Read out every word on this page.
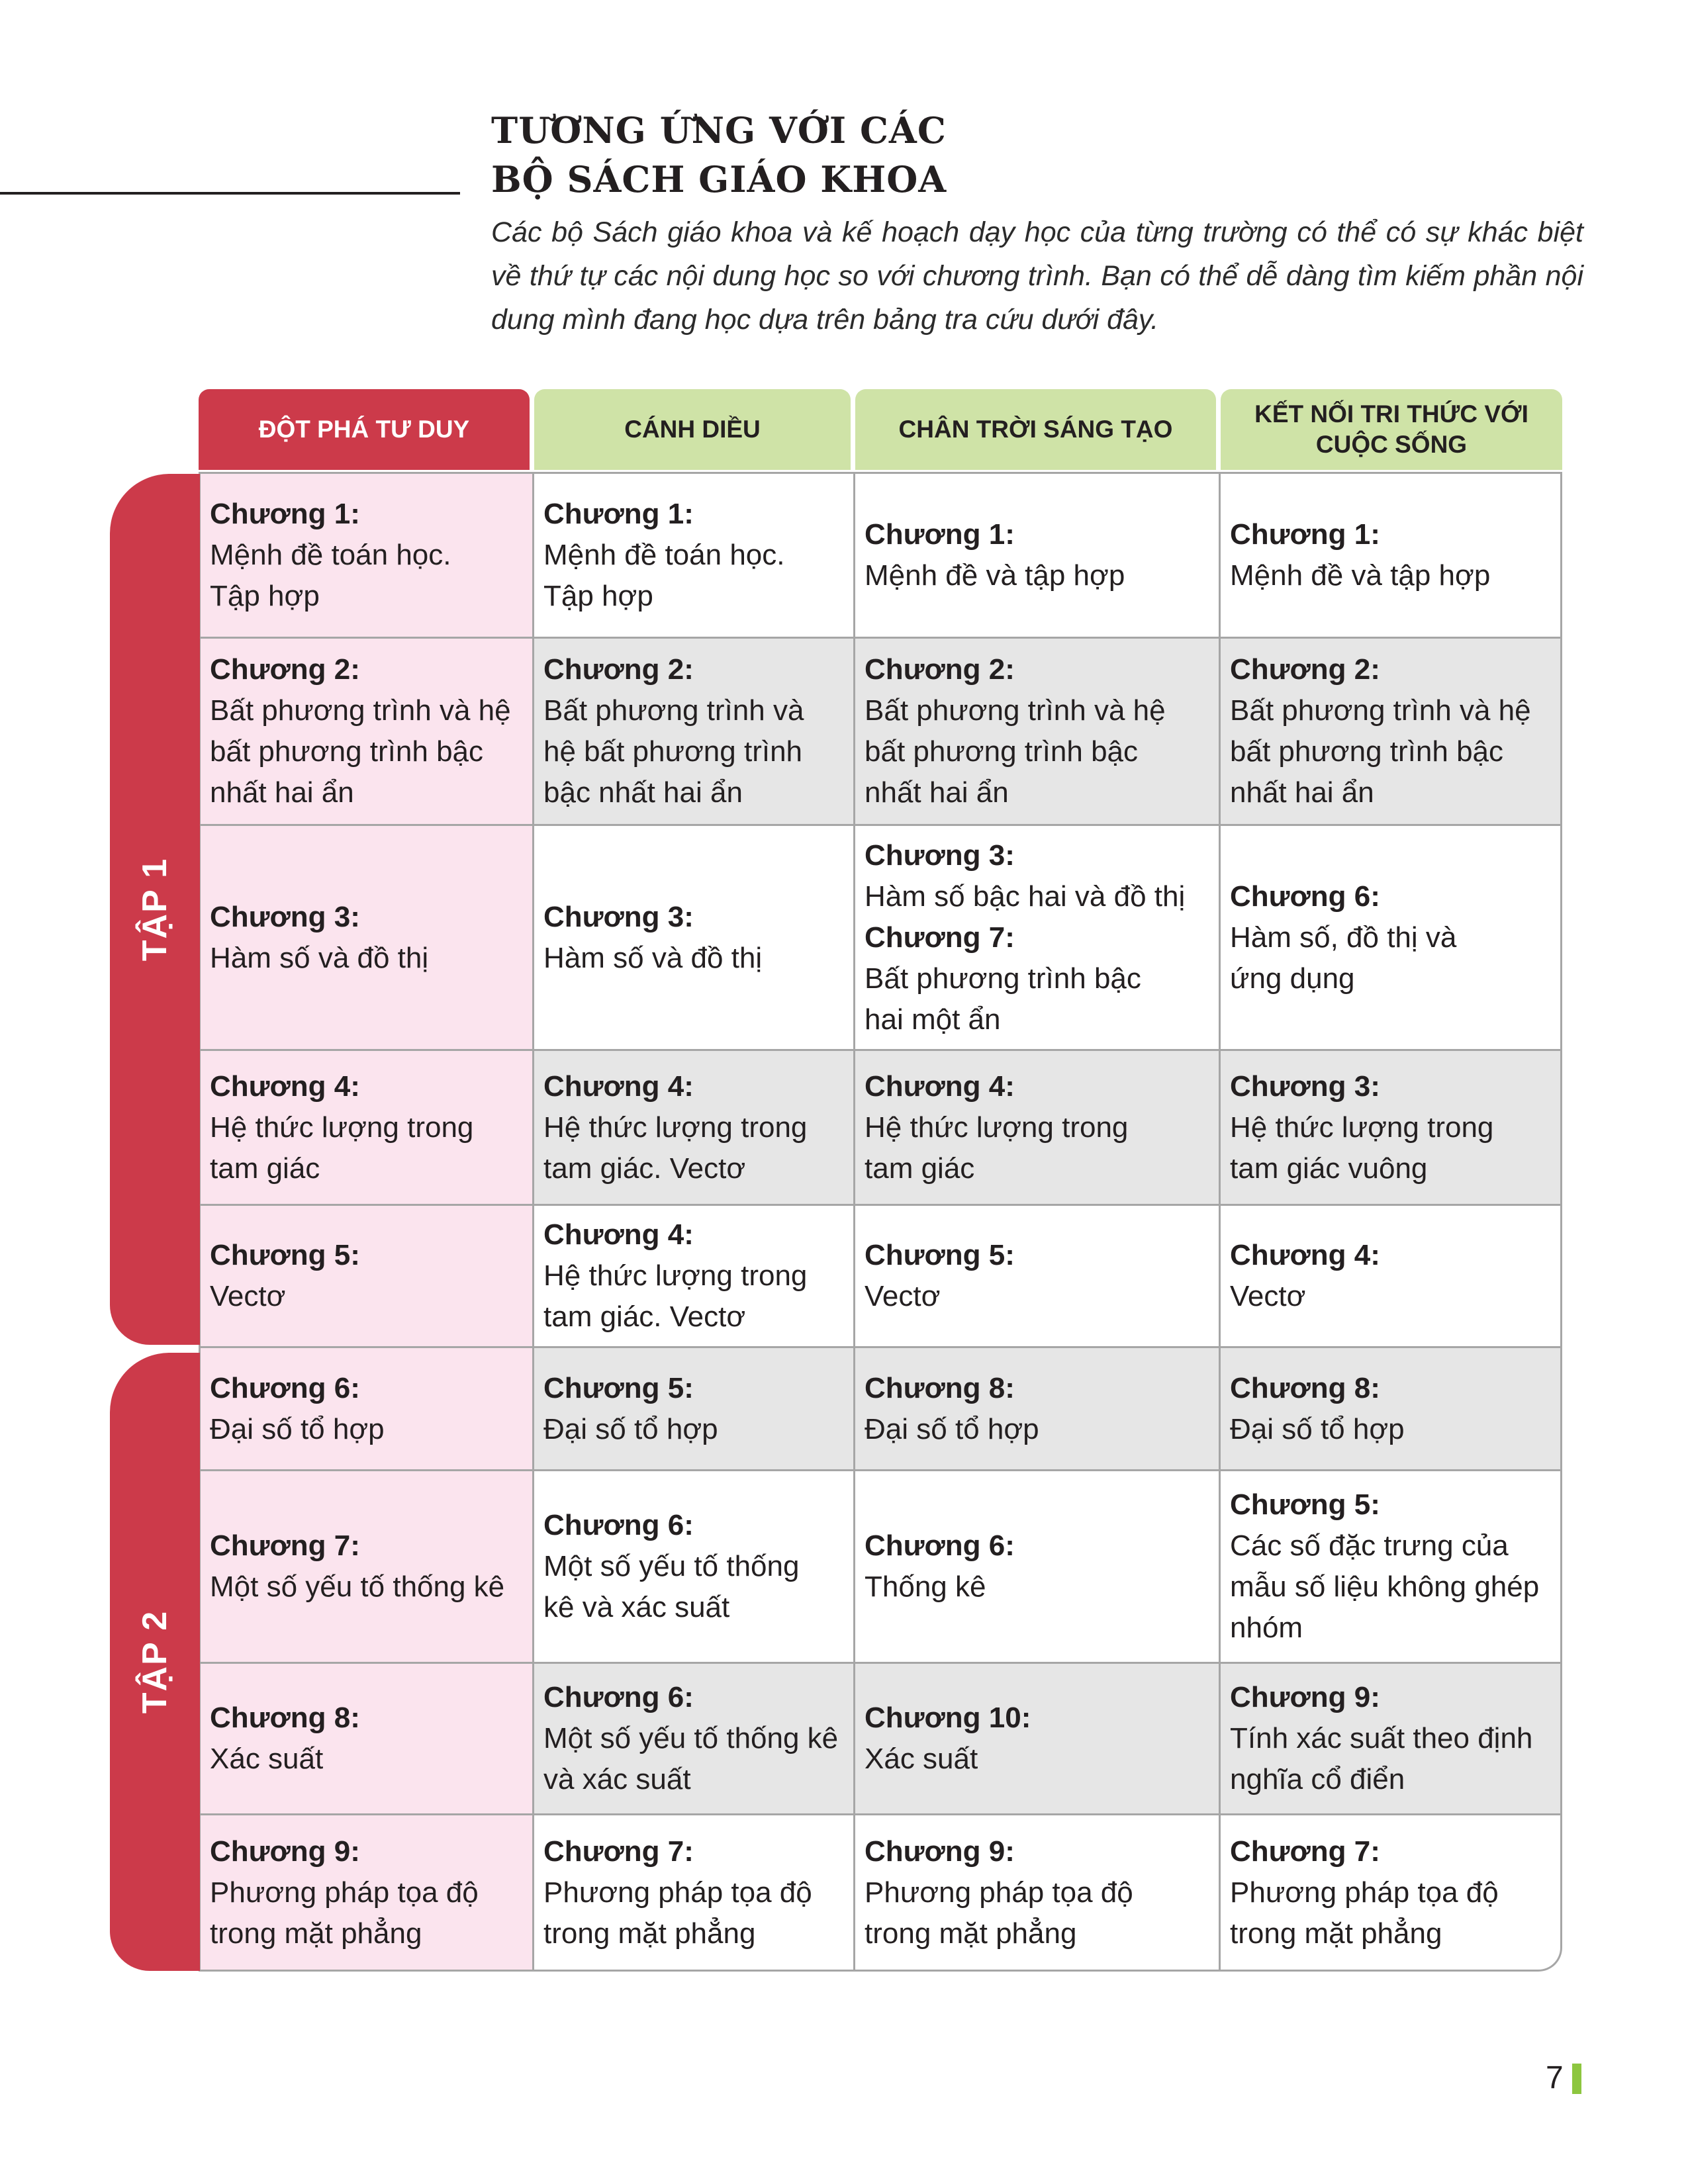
TƯƠNG ỨNG VỚI CÁC
BỘ SÁCH GIÁO KHOA

Các bộ Sách giáo khoa và kế hoạch dạy học của từng trường có thể có sự khác biệt về thứ tự các nội dung học so với chương trình. Bạn có thể dễ dàng tìm kiếm phần nội dung mình đang học dựa trên bảng tra cứu dưới đây.

ĐỘT PHÁ TƯ DUY	CÁNH DIỀU	CHÂN TRỜI SÁNG TẠO
KẾT NỐI TRI THỨC VỚI CUỘC SỐNG
Chương 1:
Mệnh đề toán học.
Tập hợp
Chương 1:
Mệnh đề toán học.
Tập hợp
Chương 1:
Mệnh đề và tập hợp
Chương 1:
Mệnh đề và tập hợp
Chương 2:
Bất phương trình và hệ
bất phương trình bậc
nhất hai ẩn
Chương 2:
Bất phương trình và
hệ bất phương trình
bậc nhất hai ẩn
Chương 2:
Bất phương trình và hệ
bất phương trình bậc
nhất hai ẩn
Chương 2:
Bất phương trình và hệ
bất phương trình bậc
nhất hai ẩn
Chương 3:
Hàm số và đồ thị
Chương 3:
Hàm số và đồ thị
Chương 3:
Hàm số bậc hai và đồ thị
Chương 7:
Bất phương trình bậc
hai một ẩn
Chương 6:
Hàm số, đồ thị và
ứng dụng
Chương 4:
Hệ thức lượng trong
tam giác
Chương 4:
Hệ thức lượng trong
tam giác. Vectơ
Chương 4:
Hệ thức lượng trong
tam giác
Chương 3:
Hệ thức lượng trong
tam giác vuông
Chương 5:
Vectơ
Chương 4:
Hệ thức lượng trong
tam giác. Vectơ
Chương 5:
Vectơ
Chương 4:
Vectơ
Chương 6:
Đại số tổ hợp
Chương 5:
Đại số tổ hợp
Chương 8:
Đại số tổ hợp
Chương 8:
Đại số tổ hợp
Chương 7:
Một số yếu tố thống kê
Chương 6:
Một số yếu tố thống
kê và xác suất
Chương 6:
Thống kê
Chương 5:
Các số đặc trưng của
mẫu số liệu không ghép
nhóm
Chương 8:
Xác suất
Chương 6:
Một số yếu tố thống kê
và xác suất
Chương 10:
Xác suất
Chương 9:
Tính xác suất theo định
nghĩa cổ điển
Chương 9:
Phương pháp tọa độ
trong mặt phẳng
Chương 7:
Phương pháp tọa độ
trong mặt phẳng
Chương 9:
Phương pháp tọa độ
trong mặt phẳng
Chương 7:
Phương pháp tọa độ
trong mặt phẳng
TẬP 1
TẬP 2
7
